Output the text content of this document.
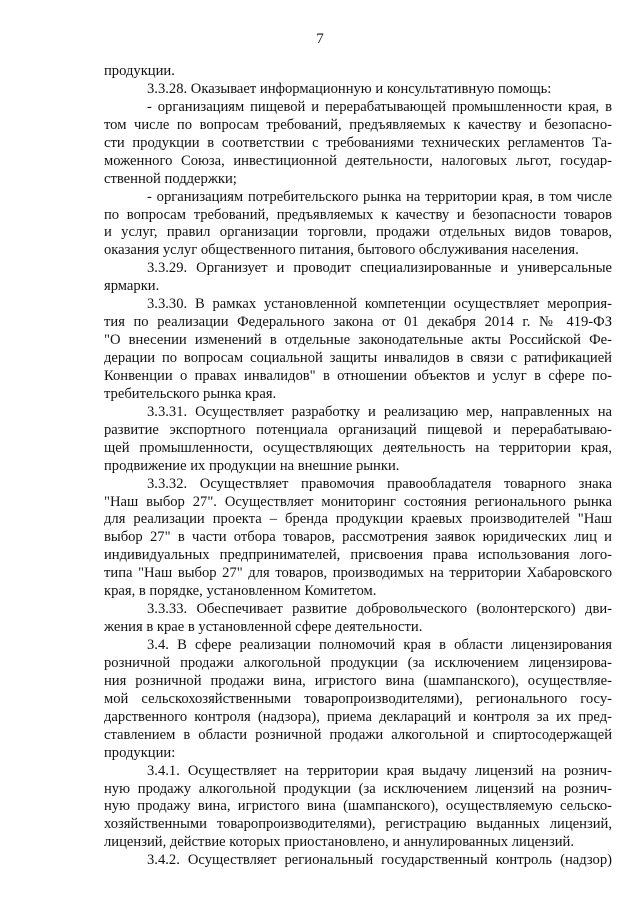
7
продукции.
3.3.28. Оказывает информационную и консультативную помощь:
- организациям пищевой и перерабатывающей промышленности края, в
том числе по вопросам требований, предъявляемых к качеству и безопасно-
сти продукции в соответствии с требованиями технических регламентов Та-
моженного Союза, инвестиционной деятельности, налоговых льгот, государ-
ственной поддержки;
- организациям потребительского рынка на территории края, в том числе
по вопросам требований, предъявляемых к качеству и безопасности товаров
и услуг, правил организации торговли, продажи отдельных видов товаров,
оказания услуг общественного питания, бытового обслуживания населения.
3.3.29. Организует и проводит специализированные и универсальные
ярмарки.
3.3.30. В рамках установленной компетенции осуществляет мероприя-
тия по реализации Федерального закона от 01 декабря 2014 г. № 419-ФЗ
"О внесении изменений в отдельные законодательные акты Российской Фе-
дерации по вопросам социальной защиты инвалидов в связи с ратификацией
Конвенции о правах инвалидов" в отношении объектов и услуг в сфере по-
требительского рынка края.
3.3.31. Осуществляет разработку и реализацию мер, направленных на
развитие экспортного потенциала организаций пищевой и перерабатываю-
щей промышленности, осуществляющих деятельность на территории края,
продвижение их продукции на внешние рынки.
3.3.32. Осуществляет правомочия правообладателя товарного знака
"Наш выбор 27". Осуществляет мониторинг состояния регионального рынка
для реализации проекта – бренда продукции краевых производителей "Наш
выбор 27" в части отбора товаров, рассмотрения заявок юридических лиц и
индивидуальных предпринимателей, присвоения права использования лого-
типа "Наш выбор 27" для товаров, производимых на территории Хабаровского
края, в порядке, установленном Комитетом.
3.3.33. Обеспечивает развитие добровольческого (волонтерского) дви-
жения в крае в установленной сфере деятельности.
3.4. В сфере реализации полномочий края в области лицензирования
розничной продажи алкогольной продукции (за исключением лицензирова-
ния розничной продажи вина, игристого вина (шампанского), осуществляе-
мой сельскохозяйственными товаропроизводителями), регионального госу-
дарственного контроля (надзора), приема деклараций и контроля за их пред-
ставлением в области розничной продажи алкогольной и спиртосодержащей
продукции:
3.4.1. Осуществляет на территории края выдачу лицензий на рознич-
ную продажу алкогольной продукции (за исключением лицензий на рознич-
ную продажу вина, игристого вина (шампанского), осуществляемую сельско-
хозяйственными товаропроизводителями), регистрацию выданных лицензий,
лицензий, действие которых приостановлено, и аннулированных лицензий.
3.4.2. Осуществляет региональный государственный контроль (надзор)
